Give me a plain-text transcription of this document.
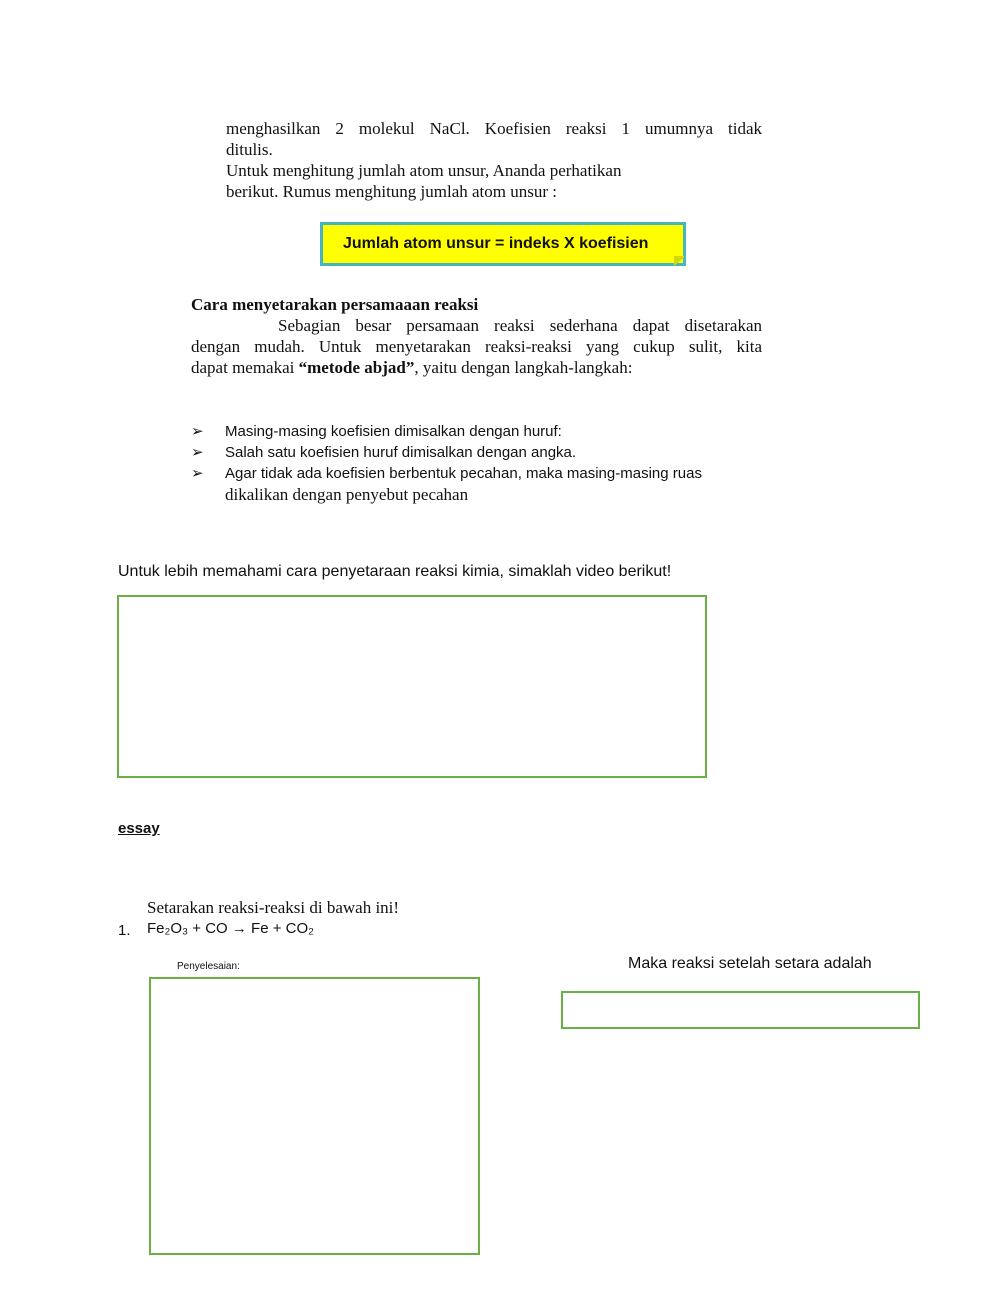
menghasilkan 2 molekul NaCl. Koefisien reaksi 1 umumnya tidak
ditulis.
Untuk menghitung jumlah atom unsur, Ananda perhatikan
berikut. Rumus menghitung jumlah atom unsur :
Jumlah atom unsur = indeks X koefisien
Cara menyetarakan persamaaan reaksi
Sebagian besar persamaan reaksi sederhana dapat disetarakan
dengan mudah. Untuk menyetarakan reaksi-reaksi yang cukup sulit, kita
dapat memakai “metode abjad”, yaitu dengan langkah-langkah:
➢ Masing-masing koefisien dimisalkan dengan huruf:
➢ Salah satu koefisien huruf dimisalkan dengan angka.
➢ Agar tidak ada koefisien berbentuk pecahan, maka masing-masing ruas
dikalikan dengan penyebut pecahan
Untuk lebih memahami cara penyetaraan reaksi kimia, simaklah video berikut!
essay
Setarakan reaksi-reaksi di bawah ini!
1. Fe₂O₃ + CO → Fe + CO₂
Penyelesaian:	Maka reaksi setelah setara adalah
